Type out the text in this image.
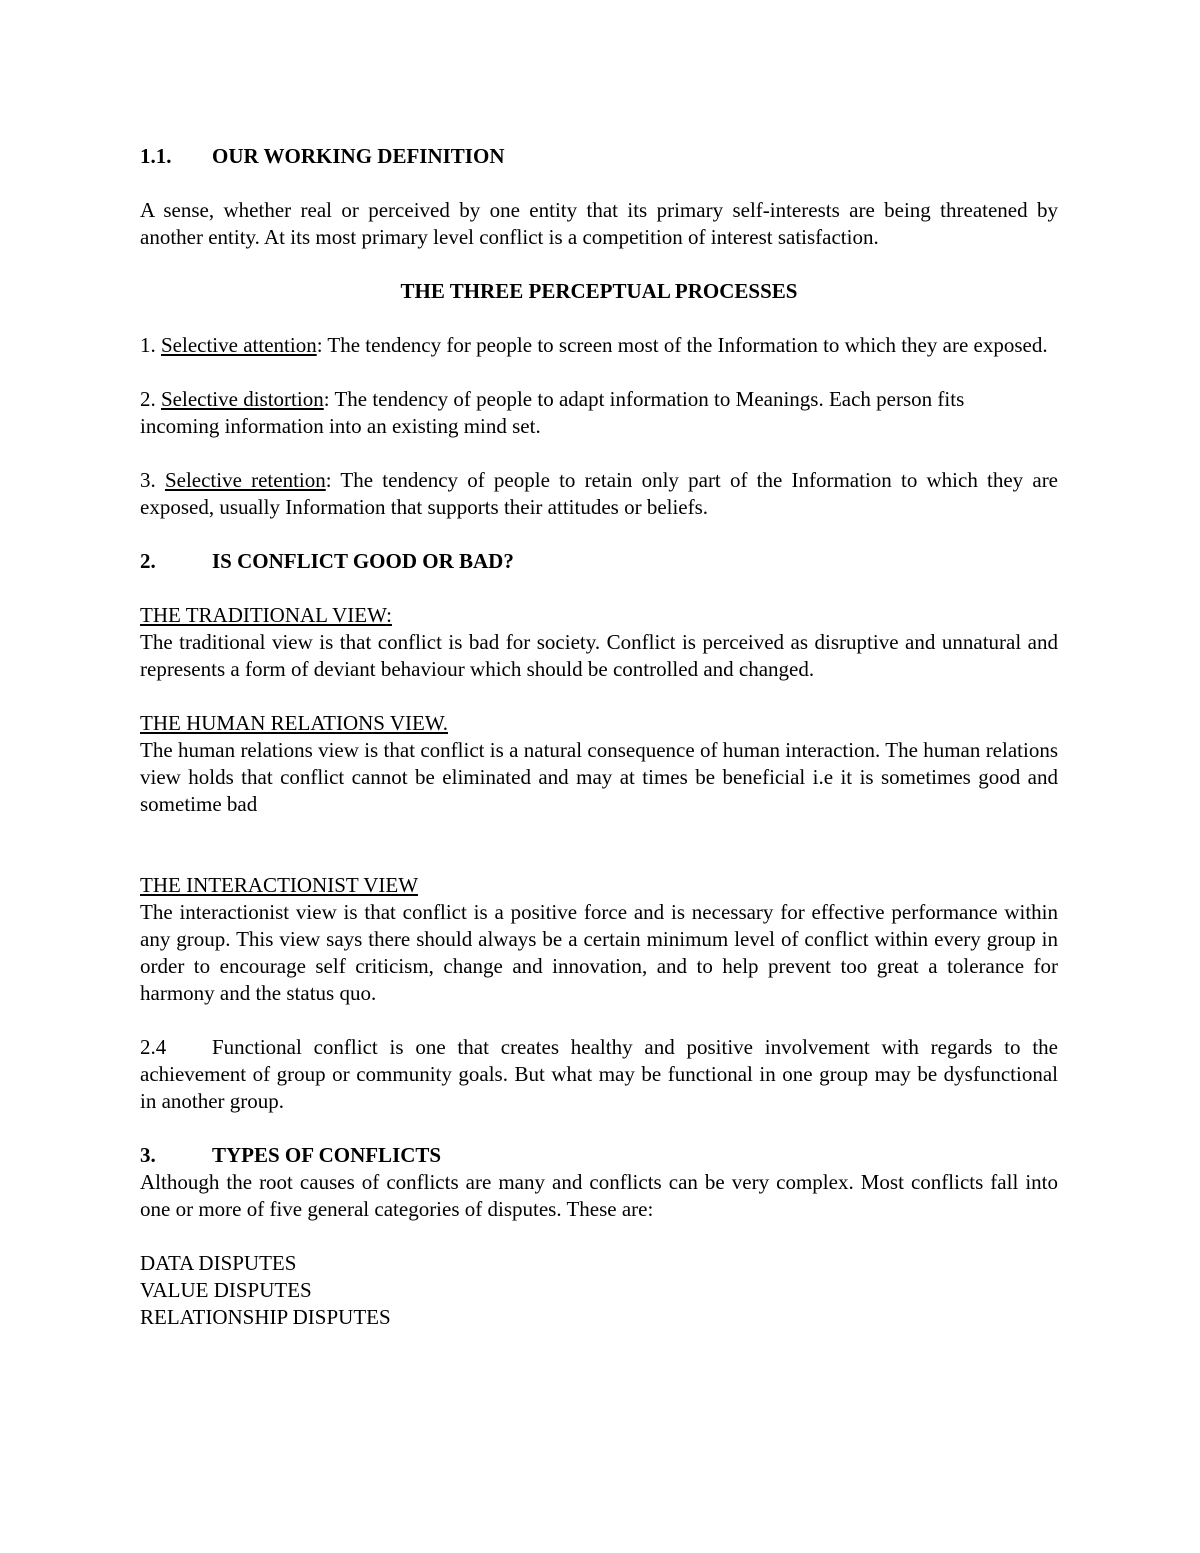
1.1.	OUR WORKING DEFINITION

A sense, whether real or perceived by one entity that its primary self-interests are being threatened by another entity. At its most primary level conflict is a competition of interest satisfaction.

THE THREE PERCEPTUAL PROCESSES

1. Selective attention: The tendency for people to screen most of the Information to which they are exposed.

2. Selective distortion: The tendency of people to adapt information to Meanings. Each person fits incoming information into an existing mind set.

3. Selective retention: The tendency of people to retain only part of the Information to which they are exposed, usually Information that supports their attitudes or beliefs.

2.	IS CONFLICT GOOD OR BAD?

THE TRADITIONAL VIEW:

The traditional view is that conflict is bad for society. Conflict is perceived as disruptive and unnatural and represents a form of deviant behaviour which should be controlled and changed.

THE HUMAN RELATIONS VIEW.

The human relations view is that conflict is a natural consequence of human interaction. The human relations view holds that conflict cannot be eliminated and may at times be beneficial i.e it is sometimes good and sometime bad

THE INTERACTIONIST VIEW

The interactionist view is that conflict is a positive force and is necessary for effective performance within any group. This view says there should always be a certain minimum level of conflict within every group in order to encourage self criticism, change and innovation, and to help prevent too great a tolerance for harmony and the status quo.

2.4 Functional conflict is one that creates healthy and positive involvement with regards to the achievement of group or community goals. But what may be functional in one group may be dysfunctional in another group.

3.	TYPES OF CONFLICTS

Although the root causes of conflicts are many and conflicts can be very complex. Most conflicts fall into one or more of five general categories of disputes. These are:

DATA DISPUTES

VALUE DISPUTES

RELATIONSHIP DISPUTES
